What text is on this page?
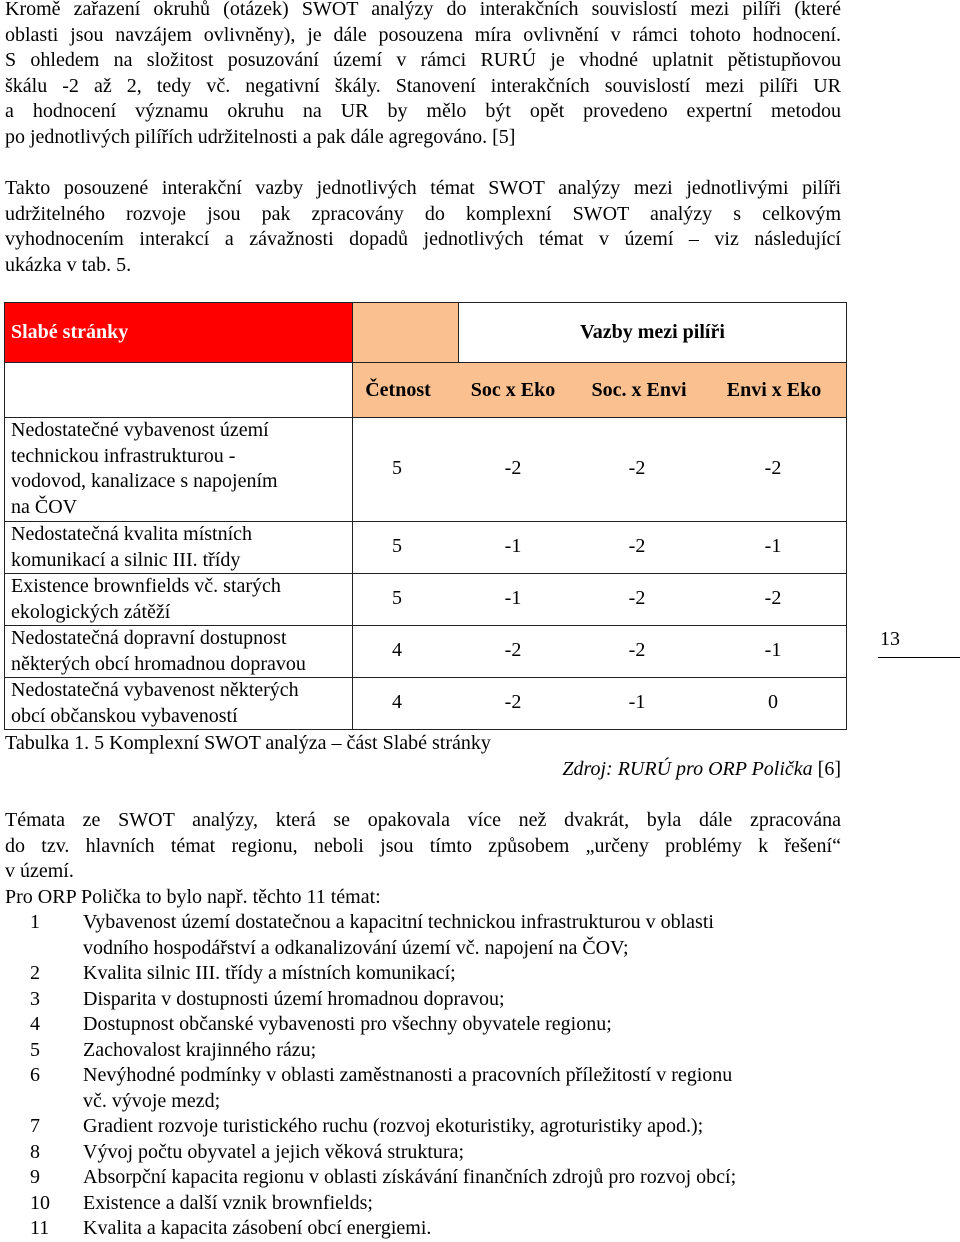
Kromě zařazení okruhů (otázek) SWOT analýzy do interakčních souvislostí mezi pilíři (které
oblasti jsou navzájem ovlivněny), je dále posouzena míra ovlivnění v rámci tohoto hodnocení.
S ohledem na složitost posuzování území v rámci RURÚ je vhodné uplatnit pětistupňovou
škálu -2 až 2, tedy vč. negativní škály. Stanovení interakčních souvislostí mezi pilíři UR
a hodnocení významu okruhu na UR by mělo být opět provedeno expertní metodou
po jednotlivých pilířích udržitelnosti a pak dále agregováno. [5]
Takto posouzené interakční vazby jednotlivých témat SWOT analýzy mezi jednotlivými pilíři
udržitelného rozvoje jsou pak zpracovány do komplexní SWOT analýzy s celkovým
vyhodnocením interakcí a závažnosti dopadů jednotlivých témat v území – viz následující
ukázka v tab. 5.
Slabé stránky		Vazby mezi pilíři

	Četnost Soc x Eko Soc. x Envi Envi x Eko	

Nedostatečné vybavenost území
technickou infrastrukturou -
vodovod, kanalizace s napojením
na ČOV	5 -2 -2 -2	

Nedostatečná kvalita místních
komunikací a silnic III. třídy	5 -1 -2 -1	

Existence brownfields vč. starých
ekologických zátěží	5 -1 -2 -2	

Nedostatečná dopravní dostupnost
některých obcí hromadnou dopravou	4 -2 -2 -1	

Nedostatečná vybavenost některých
obcí občanskou vybaveností	4 -2 -1 0	
Tabulka 1. 5 Komplexní SWOT analýza – část Slabé stránky
Zdroj: RURÚ pro ORP Polička [6]
13
Témata ze SWOT analýzy, která se opakovala více než dvakrát, byla dále zpracována
do tzv. hlavních témat regionu, neboli jsou tímto způsobem „určeny problémy k řešení“
v území.
Pro ORP Polička to bylo např. těchto 11 témat:
1 Vybavenost území dostatečnou a kapacitní technickou infrastrukturou v oblasti
vodního hospodářství a odkanalizování území vč. napojení na ČOV;
2 Kvalita silnic III. třídy a místních komunikací;
3 Disparita v dostupnosti území hromadnou dopravou;
4 Dostupnost občanské vybavenosti pro všechny obyvatele regionu;
5 Zachovalost krajinného rázu;
6 Nevýhodné podmínky v oblasti zaměstnanosti a pracovních příležitostí v regionu
vč. vývoje mezd;
7 Gradient rozvoje turistického ruchu (rozvoj ekoturistiky, agroturistiky apod.);
8 Vývoj počtu obyvatel a jejich věková struktura;
9 Absorpční kapacita regionu v oblasti získávání finančních zdrojů pro rozvoj obcí;
10 Existence a další vznik brownfields;
11 Kvalita a kapacita zásobení obcí energiemi.
